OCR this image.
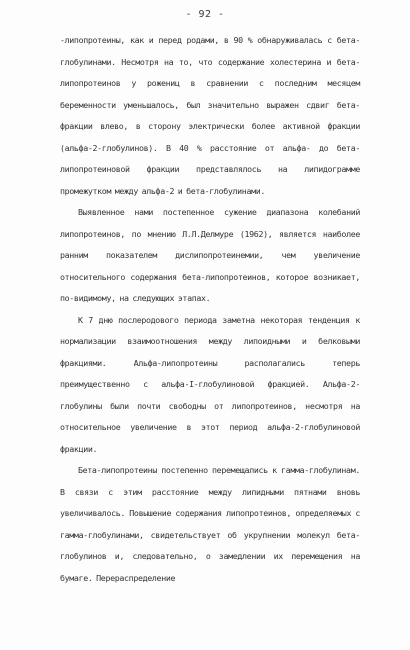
- 92 -

-липопротеины, как и перед родами, в 90 % обнаруживалась с бета-глобулинами. Несмотря на то, что содержание холестерина и бета-липопротеинов у рожениц в сравнении с последним месяцем беременности уменьшалось, был значительно выражен сдвиг бета-фракции влево, в сторону электрически более активной фракции (альфа-2-глобулинов). В 40 % расстояние от альфа- до бета-липопротеиновой фракции представлялось на липидограмме промежутком между альфа-2 и бета-глобулинами.

Выявленное нами постепенное сужение диапазона колебаний липопротеинов, по мнению Л.Л.Делмуре (1962), является наиболее ранним показателем дислипопротеинемии, чем увеличение относительного содержания бета-липопротеинов, которое возникает, по-видимому, на следующих этапах.

К 7 дню послеродового периода заметна некоторая тенденция к нормализации взаимоотношения между липоидными и белковыми фракциями. Альфа-липопротеины располагались теперь преимущественно с альфа-I-глобулиновой фракцией. Альфа-2-глобулины были почти свободны от липопротеинов, несмотря на относительное увеличение в этот период альфа-2-глобулиновой фракции.

Бета-липопротеины постепенно перемещались к гамма-глобулинам. В связи с этим расстояние между липидными пятнами вновь увеличивалось. Повышение содержания липопротеинов, определяемых с гамма-глобулинами, свидетельствует об укрупнении молекул бета-глобулинов и, следовательно, о замедлении их перемещения на бумаге. Перераспределение
